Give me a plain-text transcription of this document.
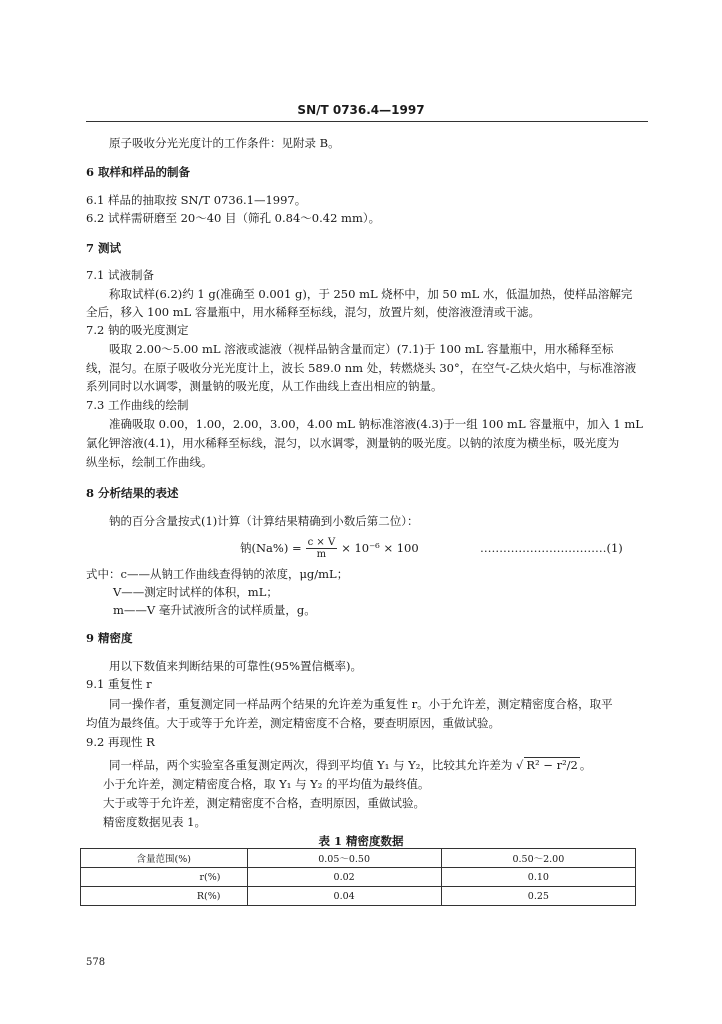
SN/T 0736.4—1997
原子吸收分光光度计的工作条件：见附录 B。
6 取样和样品的制备
6.1 样品的抽取按 SN/T 0736.1—1997。
6.2 试样需研磨至 20～40 目（筛孔 0.84～0.42 mm）。
7 测试
7.1 试液制备
称取试样(6.2)约 1 g(准确至 0.001 g)，于 250 mL 烧杯中，加 50 mL 水，低温加热，使样品溶解完
全后，移入 100 mL 容量瓶中，用水稀释至标线，混匀，放置片刻，使溶液澄清或干滤。
7.2 钠的吸光度测定
吸取 2.00～5.00 mL 溶液或滤液（视样品钠含量而定）(7.1)于 100 mL 容量瓶中，用水稀释至标
线，混匀。在原子吸收分光光度计上，波长 589.0 nm 处，转燃烧头 30°，在空气-乙炔火焰中，与标准溶液
系列同时以水调零，测量钠的吸光度，从工作曲线上查出相应的钠量。
7.3 工作曲线的绘制
准确吸取 0.00，1.00，2.00，3.00，4.00 mL 钠标准溶液(4.3)于一组 100 mL 容量瓶中，加入 1 mL
氯化钾溶液(4.1)，用水稀释至标线，混匀，以水调零，测量钠的吸光度。以钠的浓度为横坐标，吸光度为
纵坐标，绘制工作曲线。
8 分析结果的表述
钠的百分含量按式(1)计算（计算结果精确到小数后第二位）：
钠$(Na\%) = \frac{c \times V}{m} \times 10^{-6} \times 100$	……………………………(1)
式中：c——从钠工作曲线查得钠的浓度，μg/mL；
V——测定时试样的体积，mL；
m——V 毫升试液所含的试样质量，g。
9 精密度
用以下数值来判断结果的可靠性(95%置信概率)。
9.1 重复性 r
同一操作者，重复测定同一样品两个结果的允许差为重复性 r。小于允许差，测定精密度合格，取平
均值为最终值。大于或等于允许差，测定精密度不合格，要查明原因，重做试验。
9.2 再现性 R
同一样品，两个实验室各重复测定两次，得到平均值 Y₁ 与 Y₂，比较其允许差为 √ R² − r²/2 。
小于允许差，测定精密度合格，取 Y₁ 与 Y₂ 的平均值为最终值。
大于或等于允许差，测定精密度不合格，查明原因，重做试验。
精密度数据见表 1。
表 1 精密度数据
含量范围(%)	0.05～0.50	0.50～2.00
r(%)	0.02	0.10
R(%)	0.04	0.25
578
